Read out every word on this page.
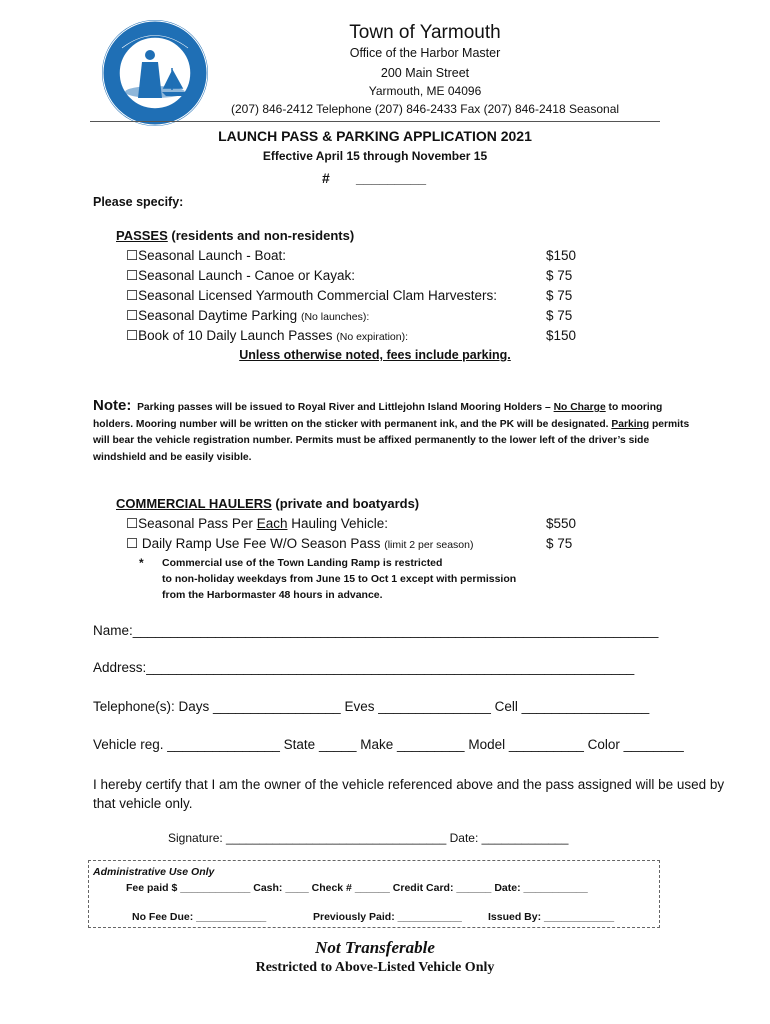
Town of Yarmouth
Office of the Harbor Master
200 Main Street
Yarmouth, ME 04096
(207) 846-2412 Telephone (207) 846-2433 Fax (207) 846-2418 Seasonal
LAUNCH PASS & PARKING APPLICATION 2021
Effective April 15 through November 15
# _________
Please specify:
PASSES (residents and non-residents)
☐Seasonal Launch - Boat:	$150
☐Seasonal Launch - Canoe or Kayak:	$ 75
☐Seasonal Licensed Yarmouth Commercial Clam Harvesters:	$ 75
☐Seasonal Daytime Parking (No launches):	$ 75
☐Book of 10 Daily Launch Passes (No expiration):	$150
Unless otherwise noted, fees include parking.
Note: Parking passes will be issued to Royal River and Littlejohn Island Mooring Holders – No Charge to mooring holders. Mooring number will be written on the sticker with permanent ink, and the PK will be designated. Parking permits will bear the vehicle registration number. Permits must be affixed permanently to the lower left of the driver’s side windshield and be easily visible.
COMMERCIAL HAULERS (private and boatyards)
☐Seasonal Pass Per Each Hauling Vehicle:	$550
☐ Daily Ramp Use Fee W/O Season Pass (limit 2 per season)	$ 75
* Commercial use of the Town Landing Ramp is restricted
to non-holiday weekdays from June 15 to Oct 1 except with permission
from the Harbormaster 48 hours in advance.
Name:______________________________________________________________________
Address:_________________________________________________________________
Telephone(s): Days _________________ Eves _______________ Cell _________________
Vehicle reg. _______________ State _____ Make _________ Model __________ Color ________
I hereby certify that I am the owner of the vehicle referenced above and the pass assigned will be used by that vehicle only.
Signature: _________________________________ Date: _____________
Administrative Use Only
Fee paid $ ____________ Cash: ____ Check # ______ Credit Card: ______ Date: ___________
No Fee Due: ____________	Previously Paid: ___________ Issued By: ____________
Not Transferable
Restricted to Above-Listed Vehicle Only
